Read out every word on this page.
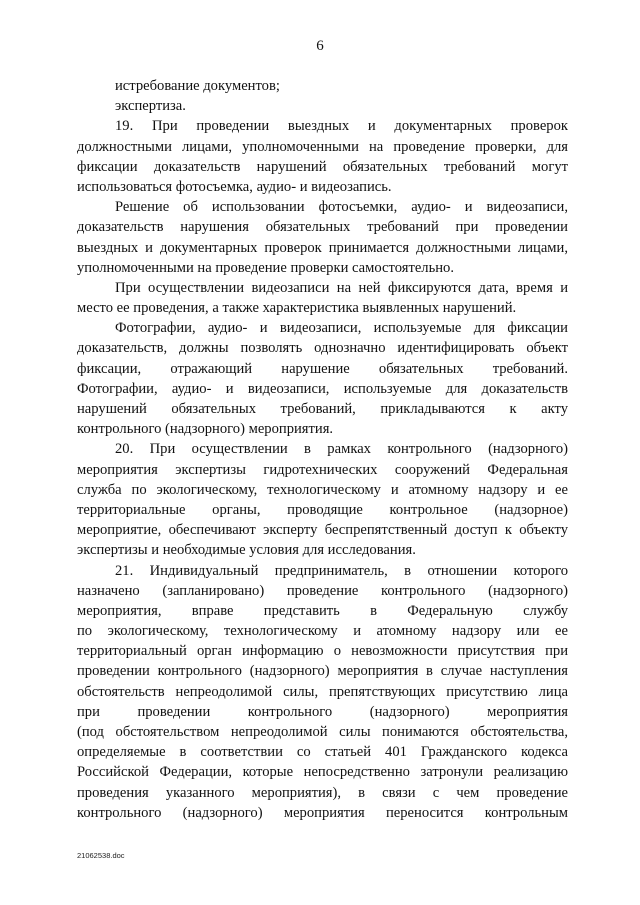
6
истребование документов;
экспертиза.
19. При проведении выездных и документарных проверок
должностными лицами, уполномоченными на проведение проверки, для
фиксации доказательств нарушений обязательных требований могут
использоваться фотосъемка, аудио- и видеозапись.
Решение об использовании фотосъемки, аудио- и видеозаписи,
доказательств нарушения обязательных требований при проведении
выездных и документарных проверок принимается должностными лицами,
уполномоченными на проведение проверки самостоятельно.
При осуществлении видеозаписи на ней фиксируются дата, время и
место ее проведения, а также характеристика выявленных нарушений.
Фотографии, аудио- и видеозаписи, используемые для фиксации
доказательств, должны позволять однозначно идентифицировать объект
фиксации, отражающий нарушение обязательных требований.
Фотографии, аудио- и видеозаписи, используемые для доказательств
нарушений обязательных требований, прикладываются к акту
контрольного (надзорного) мероприятия.
20. При осуществлении в рамках контрольного (надзорного)
мероприятия экспертизы гидротехнических сооружений Федеральная
служба по экологическому, технологическому и атомному надзору и ее
территориальные органы, проводящие контрольное (надзорное)
мероприятие, обеспечивают эксперту беспрепятственный доступ к объекту
экспертизы и необходимые условия для исследования.
21. Индивидуальный предприниматель, в отношении которого
назначено (запланировано) проведение контрольного (надзорного)
мероприятия, вправе представить в Федеральную службу
по экологическому, технологическому и атомному надзору или ее
территориальный орган информацию о невозможности присутствия при
проведении контрольного (надзорного) мероприятия в случае наступления
обстоятельств непреодолимой силы, препятствующих присутствию лица
при проведении контрольного (надзорного) мероприятия
(под обстоятельством непреодолимой силы понимаются обстоятельства,
определяемые в соответствии со статьей 401 Гражданского кодекса
Российской Федерации, которые непосредственно затронули реализацию
проведения указанного мероприятия), в связи с чем проведение
контрольного (надзорного) мероприятия переносится контрольным
21062538.doc
